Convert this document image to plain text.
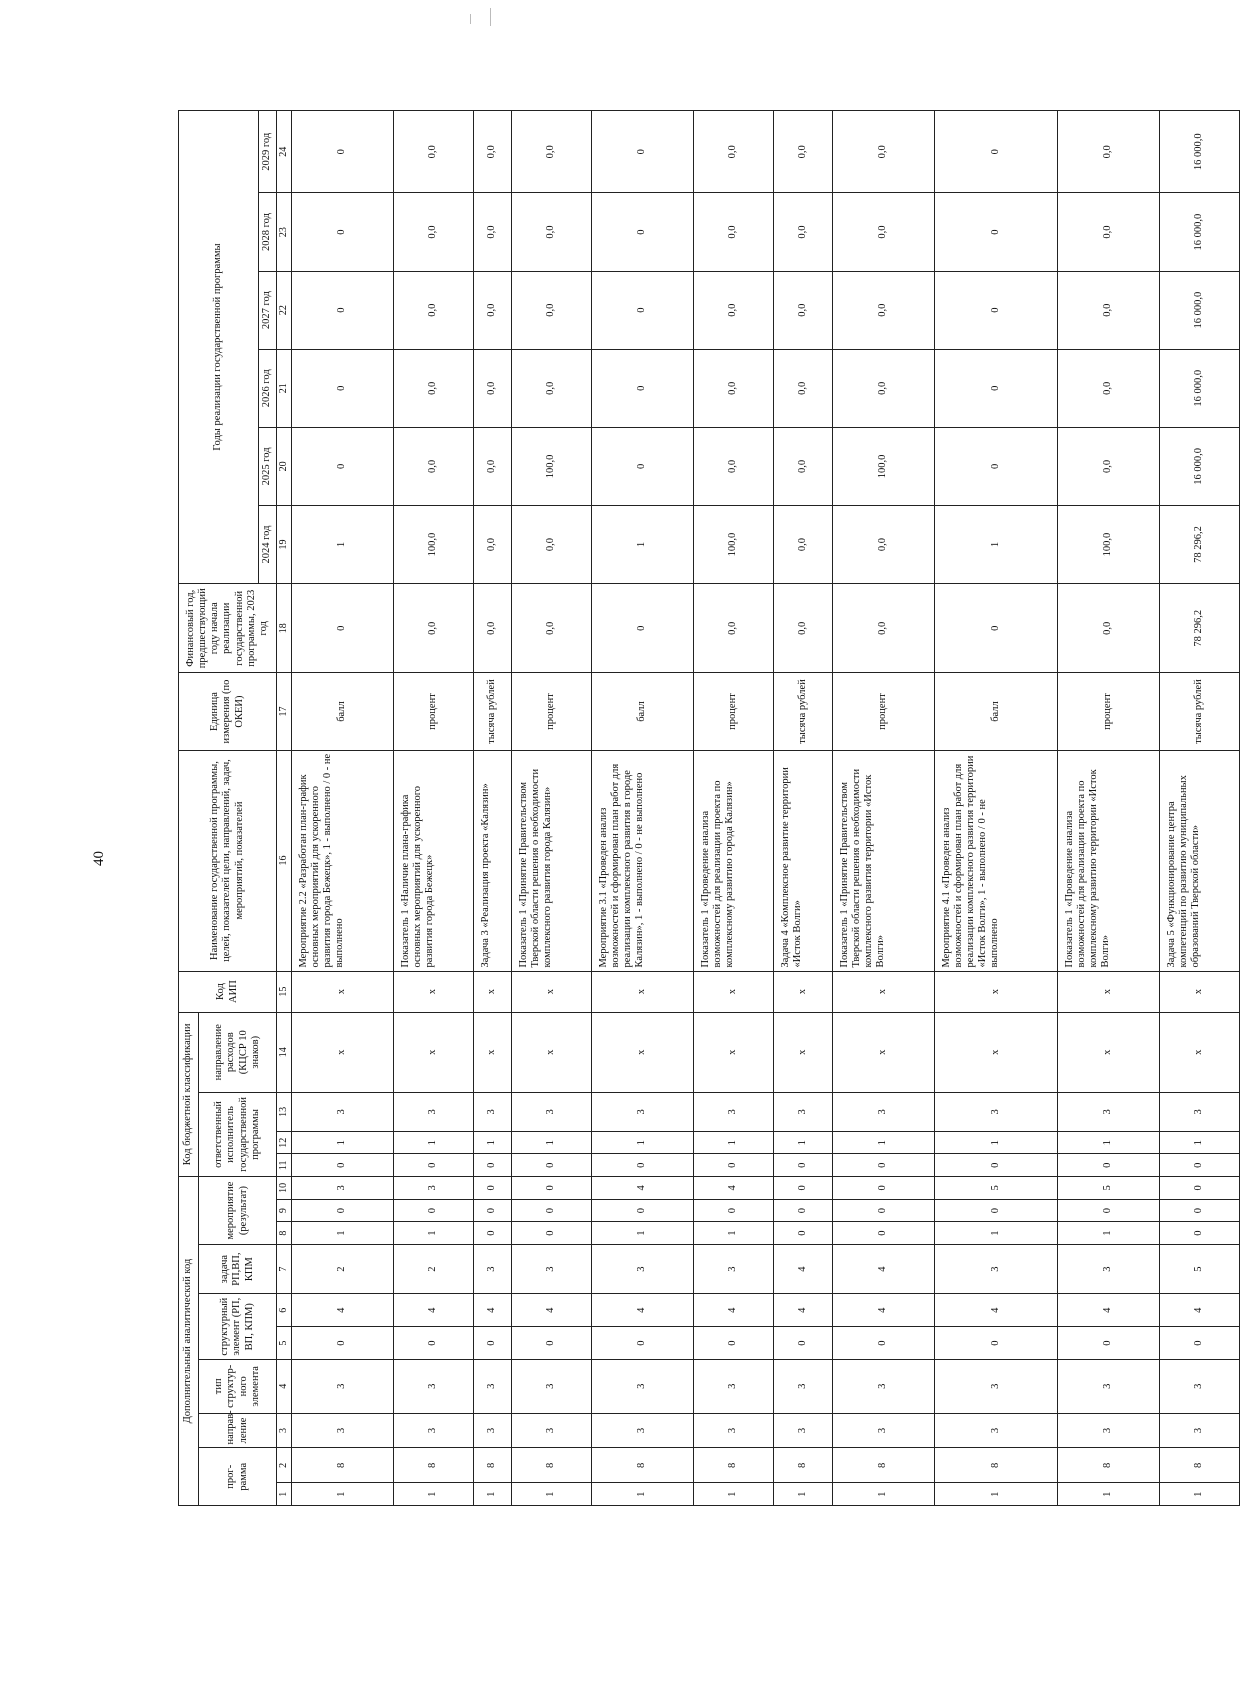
40
Дополнительный аналитический код										Код бюджетной классификации				Код АИП	Наименование государственной программы, целей, показателей цели, направлений, задач, мероприятий, показателей	Единица измерения (по ОКЕИ)	Финансовый год, предшествующий году начала реализации государственной программы, 2023 год	Годы реализации государственной программы					
прог-рамма		направ-ление	тип структур-ного элемента	структурный элемент (РП, ВП, КПМ)		задача РП,ВП, КПМ	мероприятие (результат)			ответственный исполнитель государственной программы			направление расходов (КЦСР 10 знаков)										
																		2024 год	2025 год	2026 год	2027 год	2028 год	2029 год
1	2	3	4	5	6	7	8	9	10	11	12	13	14	15	16	17	18	19	20	21	22	23	24
1	8	3	3	0	4	2	1	0	3	0	1	3	х	х	Мероприятие 2.2 «Разработан план-график основных мероприятий для ускоренного развития города Бежецк», 1 - выполнено / 0 - не выполнено	балл	0	1	0	0	0	0	0
1	8	3	3	0	4	2	1	0	3	0	1	3	х	х	Показатель 1 «Наличие плана-графика основных мероприятий для ускоренного развития города Бежецк»	процент	0,0	100,0	0,0	0,0	0,0	0,0	0,0
1	8	3	3	0	4	3	0	0	0	0	1	3	х	х	Задача 3 «Реализация проекта «Калязин»	тысяча рублей	0,0	0,0	0,0	0,0	0,0	0,0	0,0
1	8	3	3	0	4	3	0	0	0	0	1	3	х	х	Показатель 1 «Принятие Правительством Тверской области решения о необходимости комплексного развития города Калязин»	процент	0,0	0,0	100,0	0,0	0,0	0,0	0,0
1	8	3	3	0	4	3	1	0	4	0	1	3	х	х	Мероприятие 3.1 «Проведен анализ возможностей и сформирован план работ для реализации комплексного развития в городе Калязин», 1 - выполнено / 0 - не выполнено	балл	0	1	0	0	0	0	0
1	8	3	3	0	4	3	1	0	4	0	1	3	х	х	Показатель 1 «Проведение анализа возможностей для реализации проекта по комплексному развитию города Калязин»	процент	0,0	100,0	0,0	0,0	0,0	0,0	0,0
1	8	3	3	0	4	4	0	0	0	0	1	3	х	х	Задача 4 «Комплексное развитие территории «Исток Волги»	тысяча рублей	0,0	0,0	0,0	0,0	0,0	0,0	0,0
1	8	3	3	0	4	4	0	0	0	0	1	3	х	х	Показатель 1 «Принятие Правительством Тверской области решения о необходимости комплексного развития территории «Исток Волги»	процент	0,0	0,0	100,0	0,0	0,0	0,0	0,0
1	8	3	3	0	4	3	1	0	5	0	1	3	х	х	Мероприятие 4.1 «Проведен анализ возможностей и сформирован план работ для реализации комплексного развития территории «Исток Волги», 1 - выполнено / 0 - не выполнено	балл	0	1	0	0	0	0	0
1	8	3	3	0	4	3	1	0	5	0	1	3	х	х	Показатель 1 «Проведение анализа возможностей для реализации проекта по комплексному развитию территории «Исток Волги»	процент	0,0	100,0	0,0	0,0	0,0	0,0	0,0
1	8	3	3	0	4	5	0	0	0	0	1	3	х	х	Задача 5 «Функционирование центра компетенций по развитию муниципальных образований Тверской области»	тысяча рублей	78 296,2	78 296,2	16 000,0	16 000,0	16 000,0	16 000,0	16 000,0
